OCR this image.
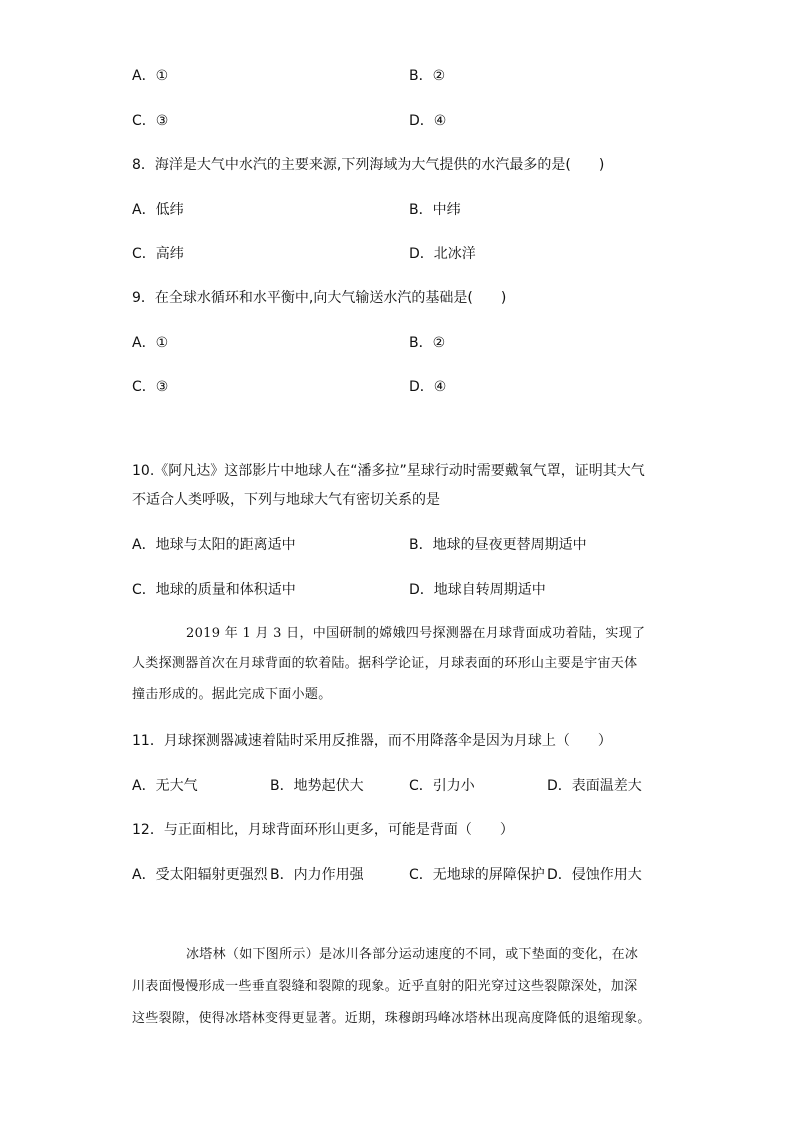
A．①	B．②
C．③	D．④
8．海洋是大气中水汽的主要来源,下列海域为大气提供的水汽最多的是(　　)
A．低纬	B．中纬
C．高纬	D．北冰洋
9．在全球水循环和水平衡中,向大气输送水汽的基础是(　　)
A．①	B．②
C．③	D．④
10.《阿凡达》这部影片中地球人在“潘多拉”星球行动时需要戴氧气罩，证明其大气
不适合人类呼吸，下列与地球大气有密切关系的是
A．地球与太阳的距离适中	B．地球的昼夜更替周期适中
C．地球的质量和体积适中	D．地球自转周期适中
2019 年 1 月 3 日，中国研制的嫦娥四号探测器在月球背面成功着陆，实现了
人类探测器首次在月球背面的软着陆。据科学论证，月球表面的环形山主要是宇宙天体
撞击形成的。据此完成下面小题。
11．月球探测器减速着陆时采用反推器，而不用降落伞是因为月球上（　　）
A．无大气	B．地势起伏大	C．引力小	D．表面温差大
12．与正面相比，月球背面环形山更多，可能是背面（　　）
A．受太阳辐射更强烈 B．内力作用强	C．无地球的屏障保护 D．侵蚀作用大
冰塔林（如下图所示）是冰川各部分运动速度的不同，或下垫面的变化，在冰
川表面慢慢形成一些垂直裂缝和裂隙的现象。近乎直射的阳光穿过这些裂隙深处，加深
这些裂隙，使得冰塔林变得更显著。近期，珠穆朗玛峰冰塔林出现高度降低的退缩现象。
